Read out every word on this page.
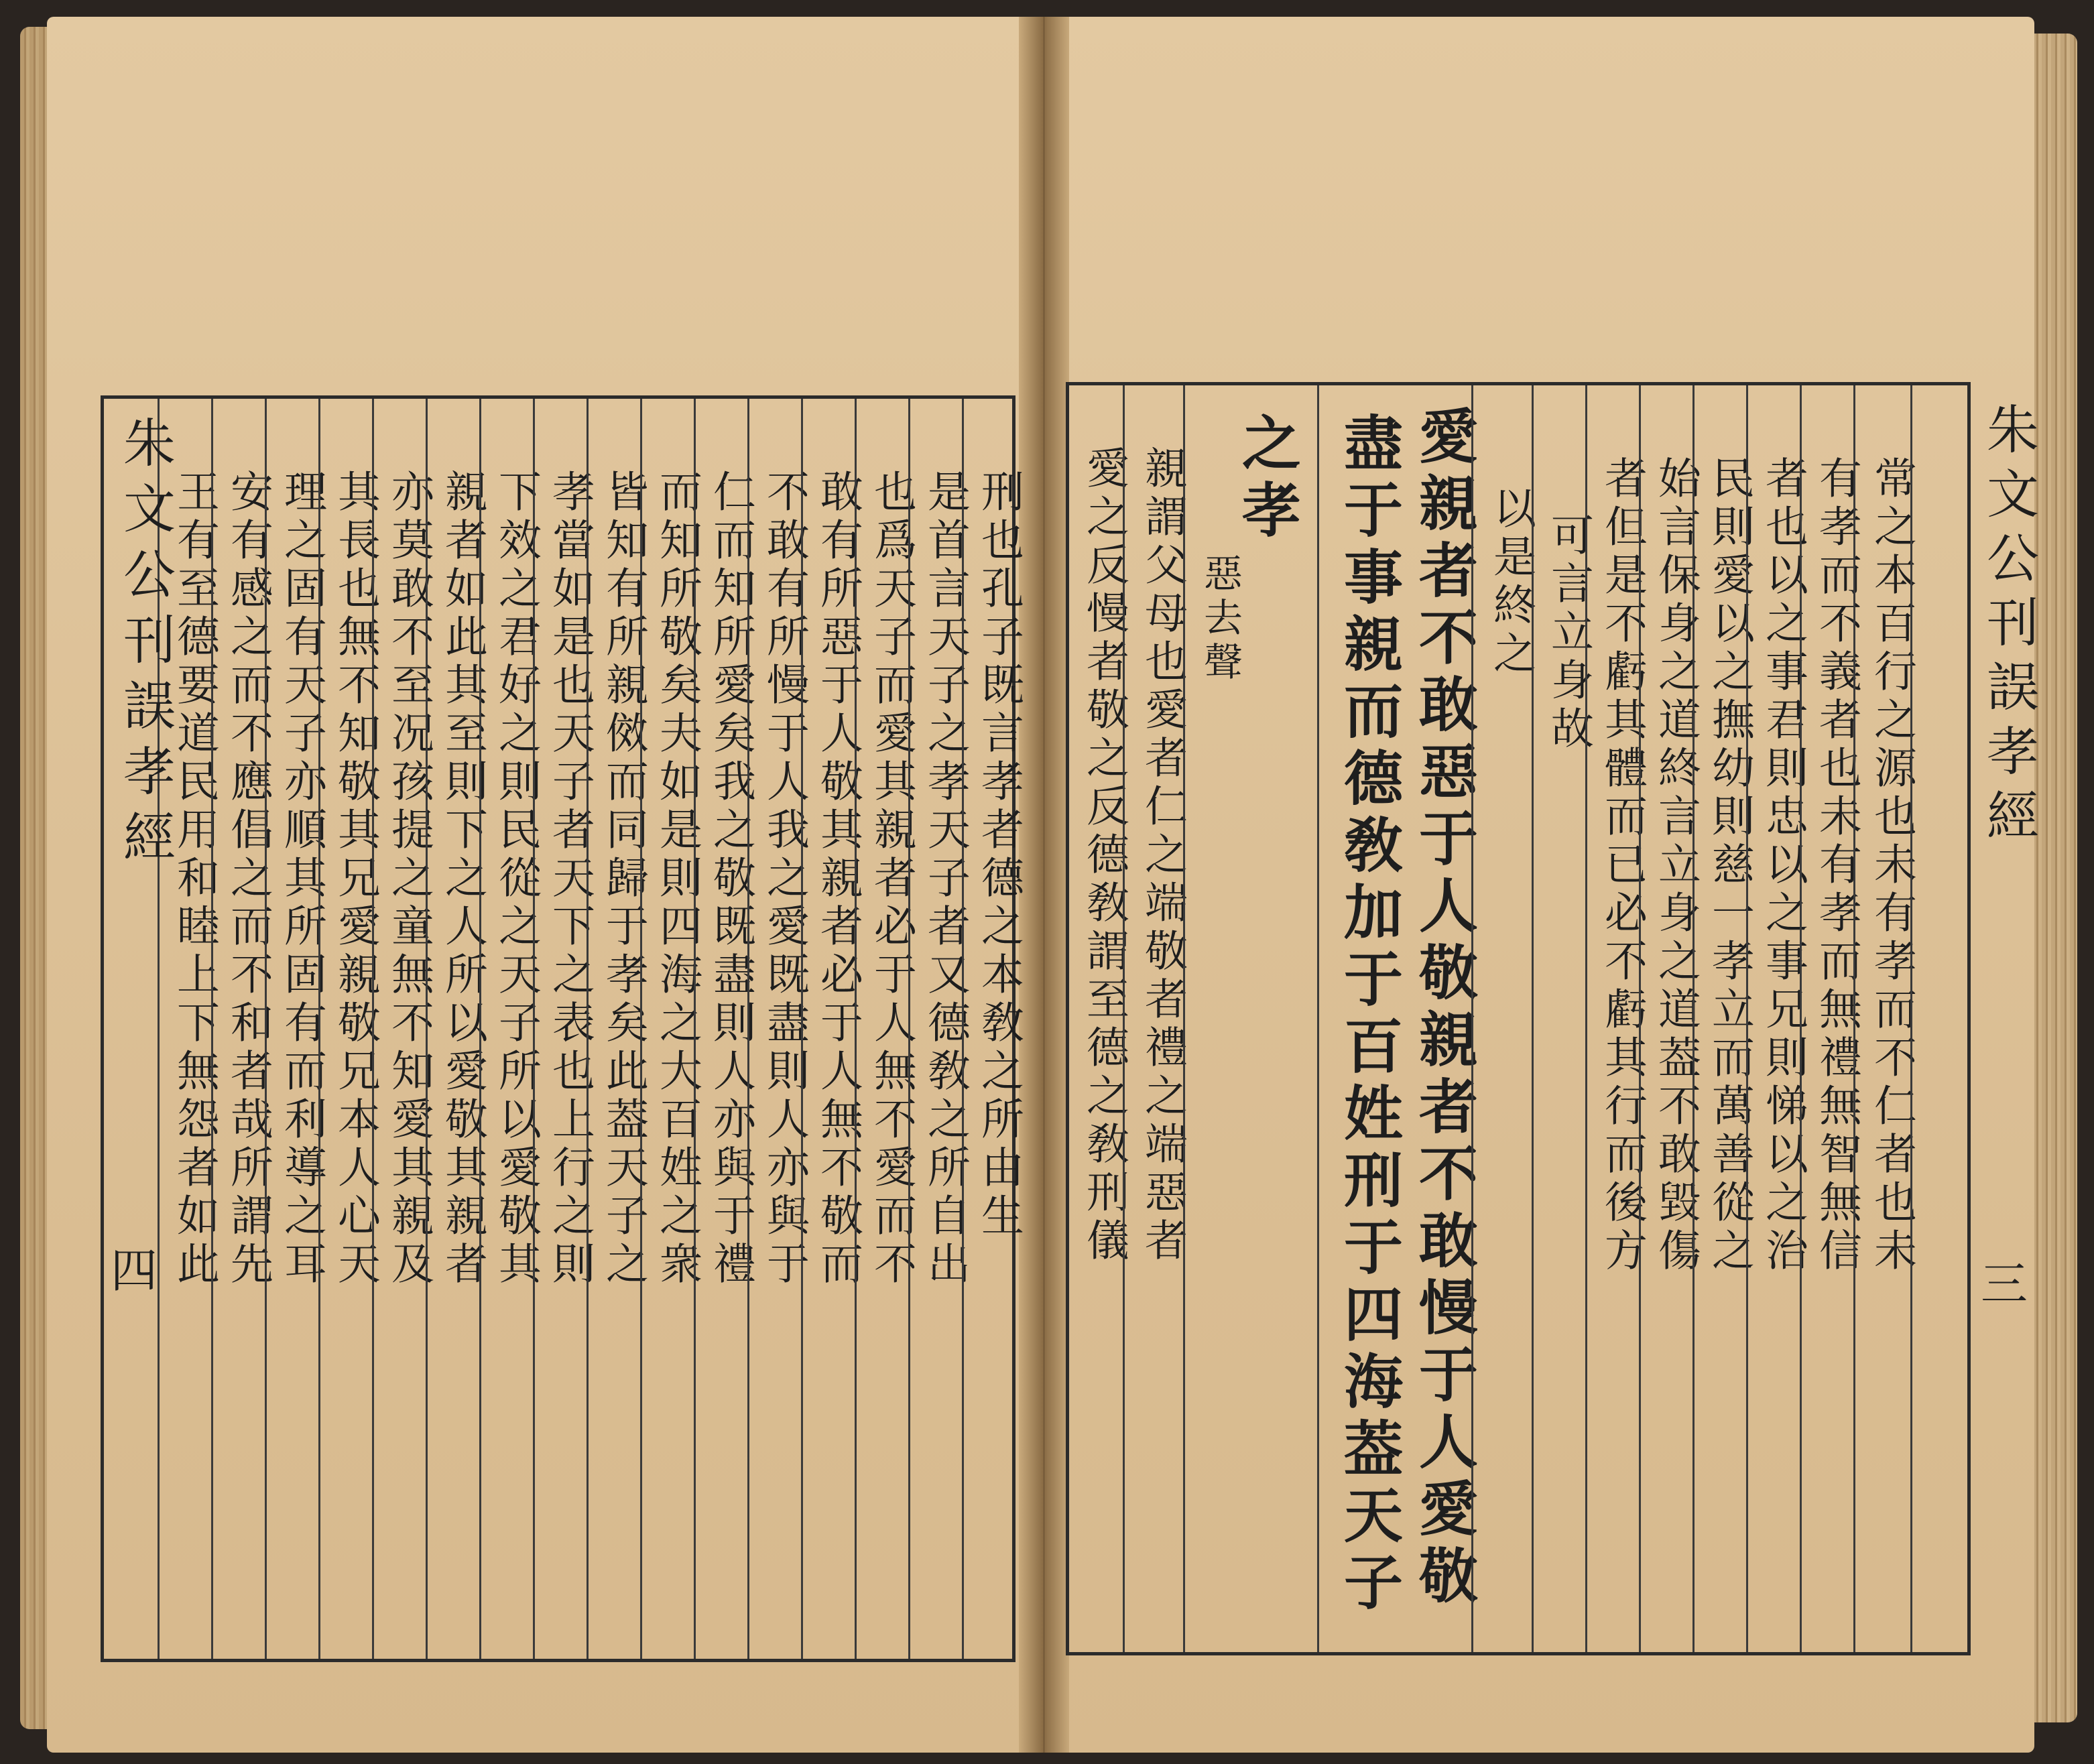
王有至德要道民用和睦上下無怨者如此 安有感之而不應倡之而不和者哉所謂先 理之固有天子亦順其所固有而利導之耳 其長也無不知敬其兄愛親敬兄本人心天 亦莫敢不至况孩提之童無不知愛其親及 親者如此其至則下之人所以愛敬其親者 下效之君好之則民從之天子所以愛敬其 孝當如是也天子者天下之表也上行之則 皆知有所親傚而同歸于孝矣此葢天子之 而知所敬矣夫如是則四海之大百姓之衆 仁而知所愛矣我之敬既盡則人亦與于禮 不敢有所慢于人我之愛既盡則人亦與于 敢有所惡于人敬其親者必于人無不敬而 也爲天子而愛其親者必于人無不愛而不 是首言天子之孝天子者又德敎之所自出 刑也孔子既言孝者德之本敎之所由生
朱文公刊誤孝經
四
愛之反慢者敬之反德敎謂至德之敎刑儀 親謂父母也愛者仁之端敬者禮之端惡者 之孝
惡去聲 盡于事親而德敎加于百姓刑于四海葢天子 愛親者不敢惡于人敬親者不敢慢于人愛敬 以是終之 可言立身故 者但是不虧其體而已必不虧其行而後方 始言保身之道終言立身之道葢不敢毀傷 民則愛以之撫幼則慈一孝立而萬善從之 者也以之事君則忠以之事兄則悌以之治 有孝而不義者也未有孝而無禮無智無信 常之本百行之源也未有孝而不仁者也未 朱文公刊誤孝經
三
